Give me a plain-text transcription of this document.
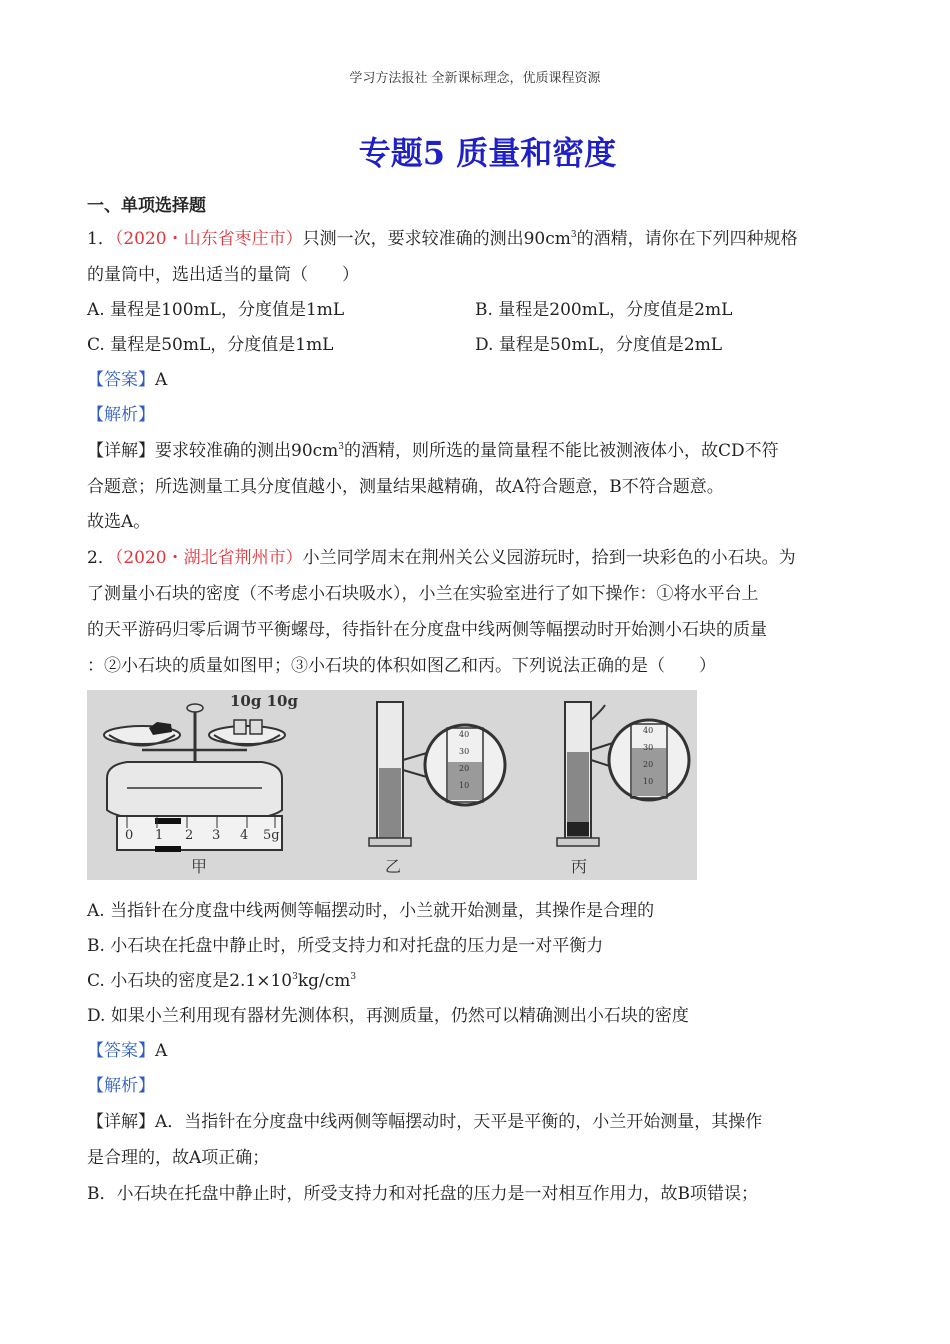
学习方法报社 全新课标理念，优质课程资源
专题5 质量和密度
一、单项选择题
1．（2020・山东省枣庄市）只测一次，要求较准确的测出$90cm^3$的酒精，请你在下列四种规格
的量筒中，选出适当的量筒（　　）
A. 量程是100mL，分度值是1mL	B. 量程是200mL，分度值是2mL
C. 量程是50mL，分度值是1mL	D. 量程是50mL，分度值是2mL
【答案】A
【解析】
【详解】要求较准确的测出$90cm^3$的酒精，则所选的量筒量程不能比被测液体小，故CD不符
合题意；所选测量工具分度值越小，测量结果越精确，故A符合题意，B不符合题意。
故选A。
2．（2020・湖北省荆州市）小兰同学周末在荆州关公义园游玩时，拾到一块彩色的小石块。为
了测量小石块的密度（不考虑小石块吸水），小兰在实验室进行了如下操作：①将水平台上
的天平游码归零后调节平衡螺母，待指针在分度盘中线两侧等幅摆动时开始测小石块的质量
：②小石块的质量如图甲；③小石块的体积如图乙和丙。下列说法正确的是（　　）
10g 10g
0 1 2 3 4 5g
甲	乙	丙
40
30
20
10
40
30
20
10
A. 当指针在分度盘中线两侧等幅摆动时，小兰就开始测量，其操作是合理的
B. 小石块在托盘中静止时，所受支持力和对托盘的压力是一对平衡力
C. 小石块的密度是$2.1\times 10^3kg/cm^3$
D. 如果小兰利用现有器材先测体积，再测质量，仍然可以精确测出小石块的密度
【答案】A
【解析】
【详解】A．当指针在分度盘中线两侧等幅摆动时，天平是平衡的，小兰开始测量，其操作
是合理的，故A项正确；
B．小石块在托盘中静止时，所受支持力和对托盘的压力是一对相互作用力，故B项错误；
